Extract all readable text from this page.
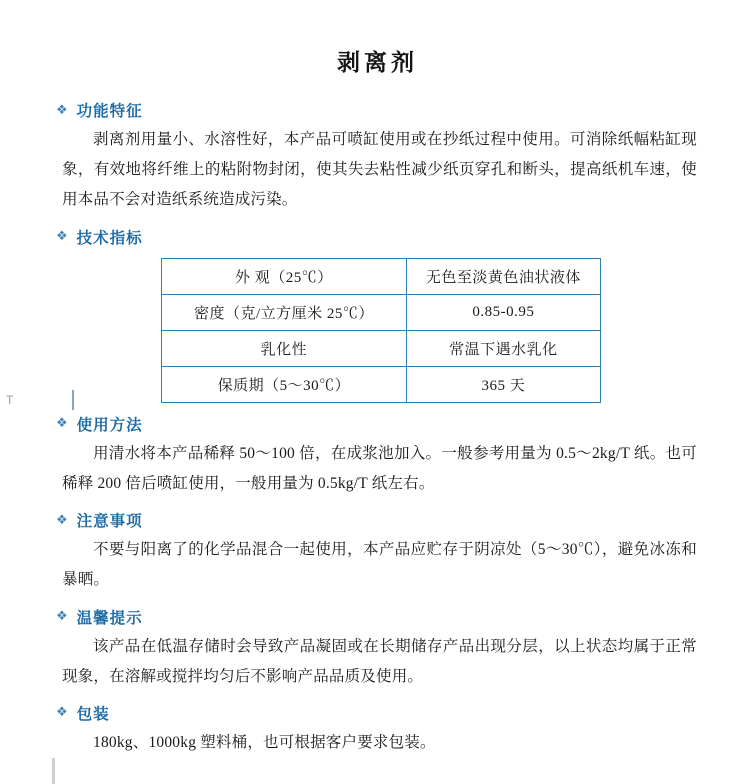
剥离剂
❖ 功能特征
剥离剂用量小、水溶性好，本产品可喷缸使用或在抄纸过程中使用。可消除纸幅粘缸现象，有效地将纤维上的粘附物封闭，使其失去粘性减少纸页穿孔和断头，提高纸机车速，使用本品不会对造纸系统造成污染。
❖ 技术指标
外 观（25℃）	无色至淡黄色油状液体
密度（克/立方厘米 25℃）	0.85-0.95
乳化性	常温下遇水乳化
保质期（5～30℃）	365 天
❖ 使用方法
用清水将本产品稀释 50～100 倍，在成浆池加入。一般参考用量为 0.5～2kg/T 纸。也可稀释 200 倍后喷缸使用，一般用量为 0.5kg/T 纸左右。
❖ 注意事项
不要与阳离了的化学品混合一起使用，本产品应贮存于阴凉处（5～30℃），避免冰冻和暴晒。
❖ 温馨提示
该产品在低温存储时会导致产品凝固或在长期储存产品出现分层，以上状态均属于正常现象，在溶解或搅拌均匀后不影响产品品质及使用。
❖ 包装
180kg、1000kg 塑料桶，也可根据客户要求包装。
T
